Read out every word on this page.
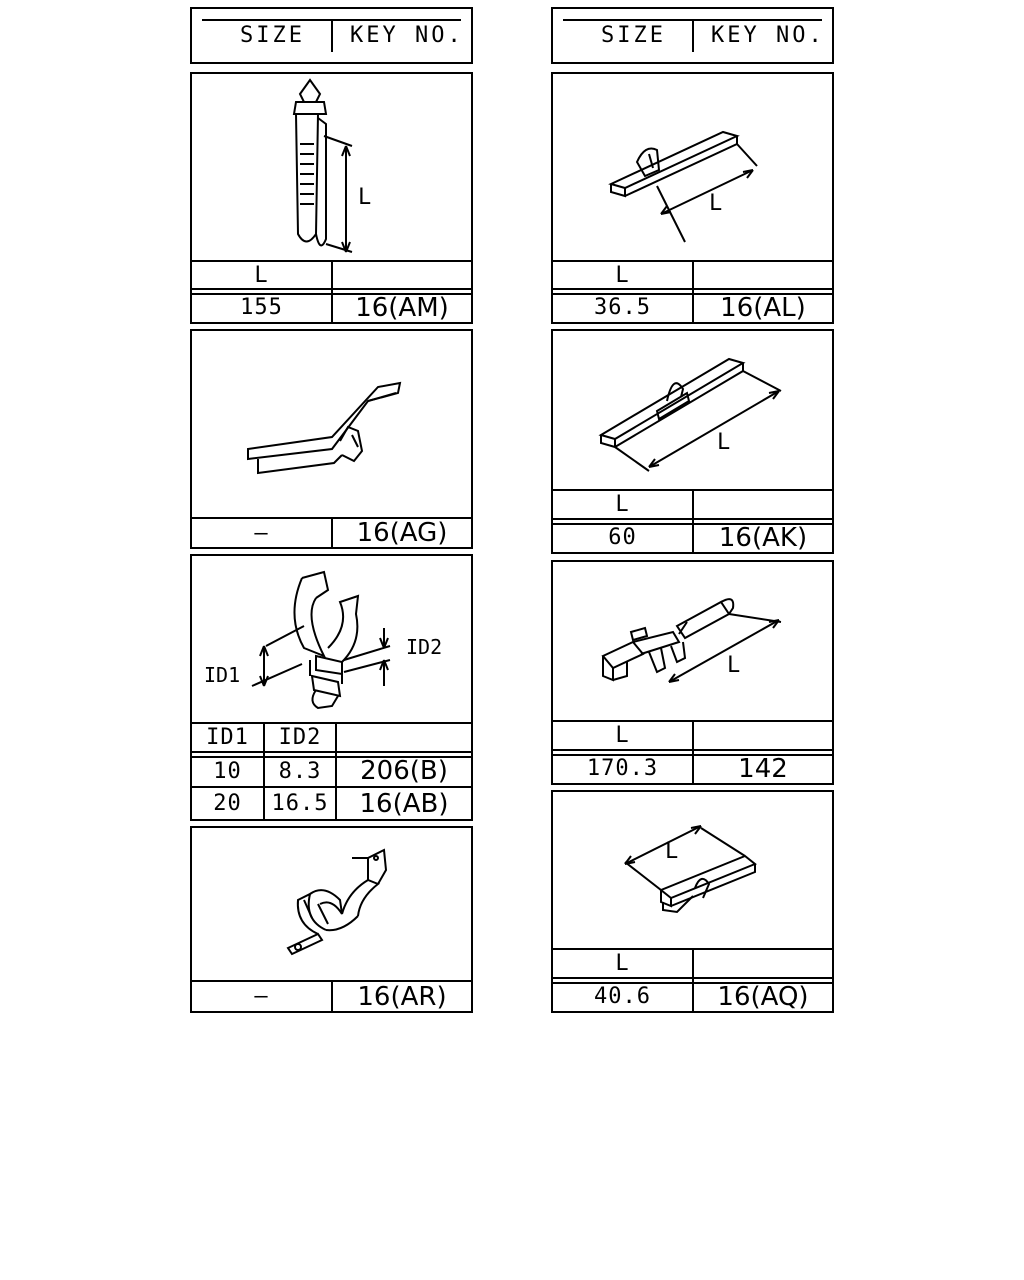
SIZE KEY NO.	SIZE KEY NO.
L
L
155	16(AM)
—	16(AG)
ID1
ID2
ID1	ID2
10	8.3	206(B)
20	16.5	16(AB)
—	16(AR)
L
L
36.5	16(AL)
L
L
60	16(AK)
L
L
170.3	142
L
L
40.6	16(AQ)
